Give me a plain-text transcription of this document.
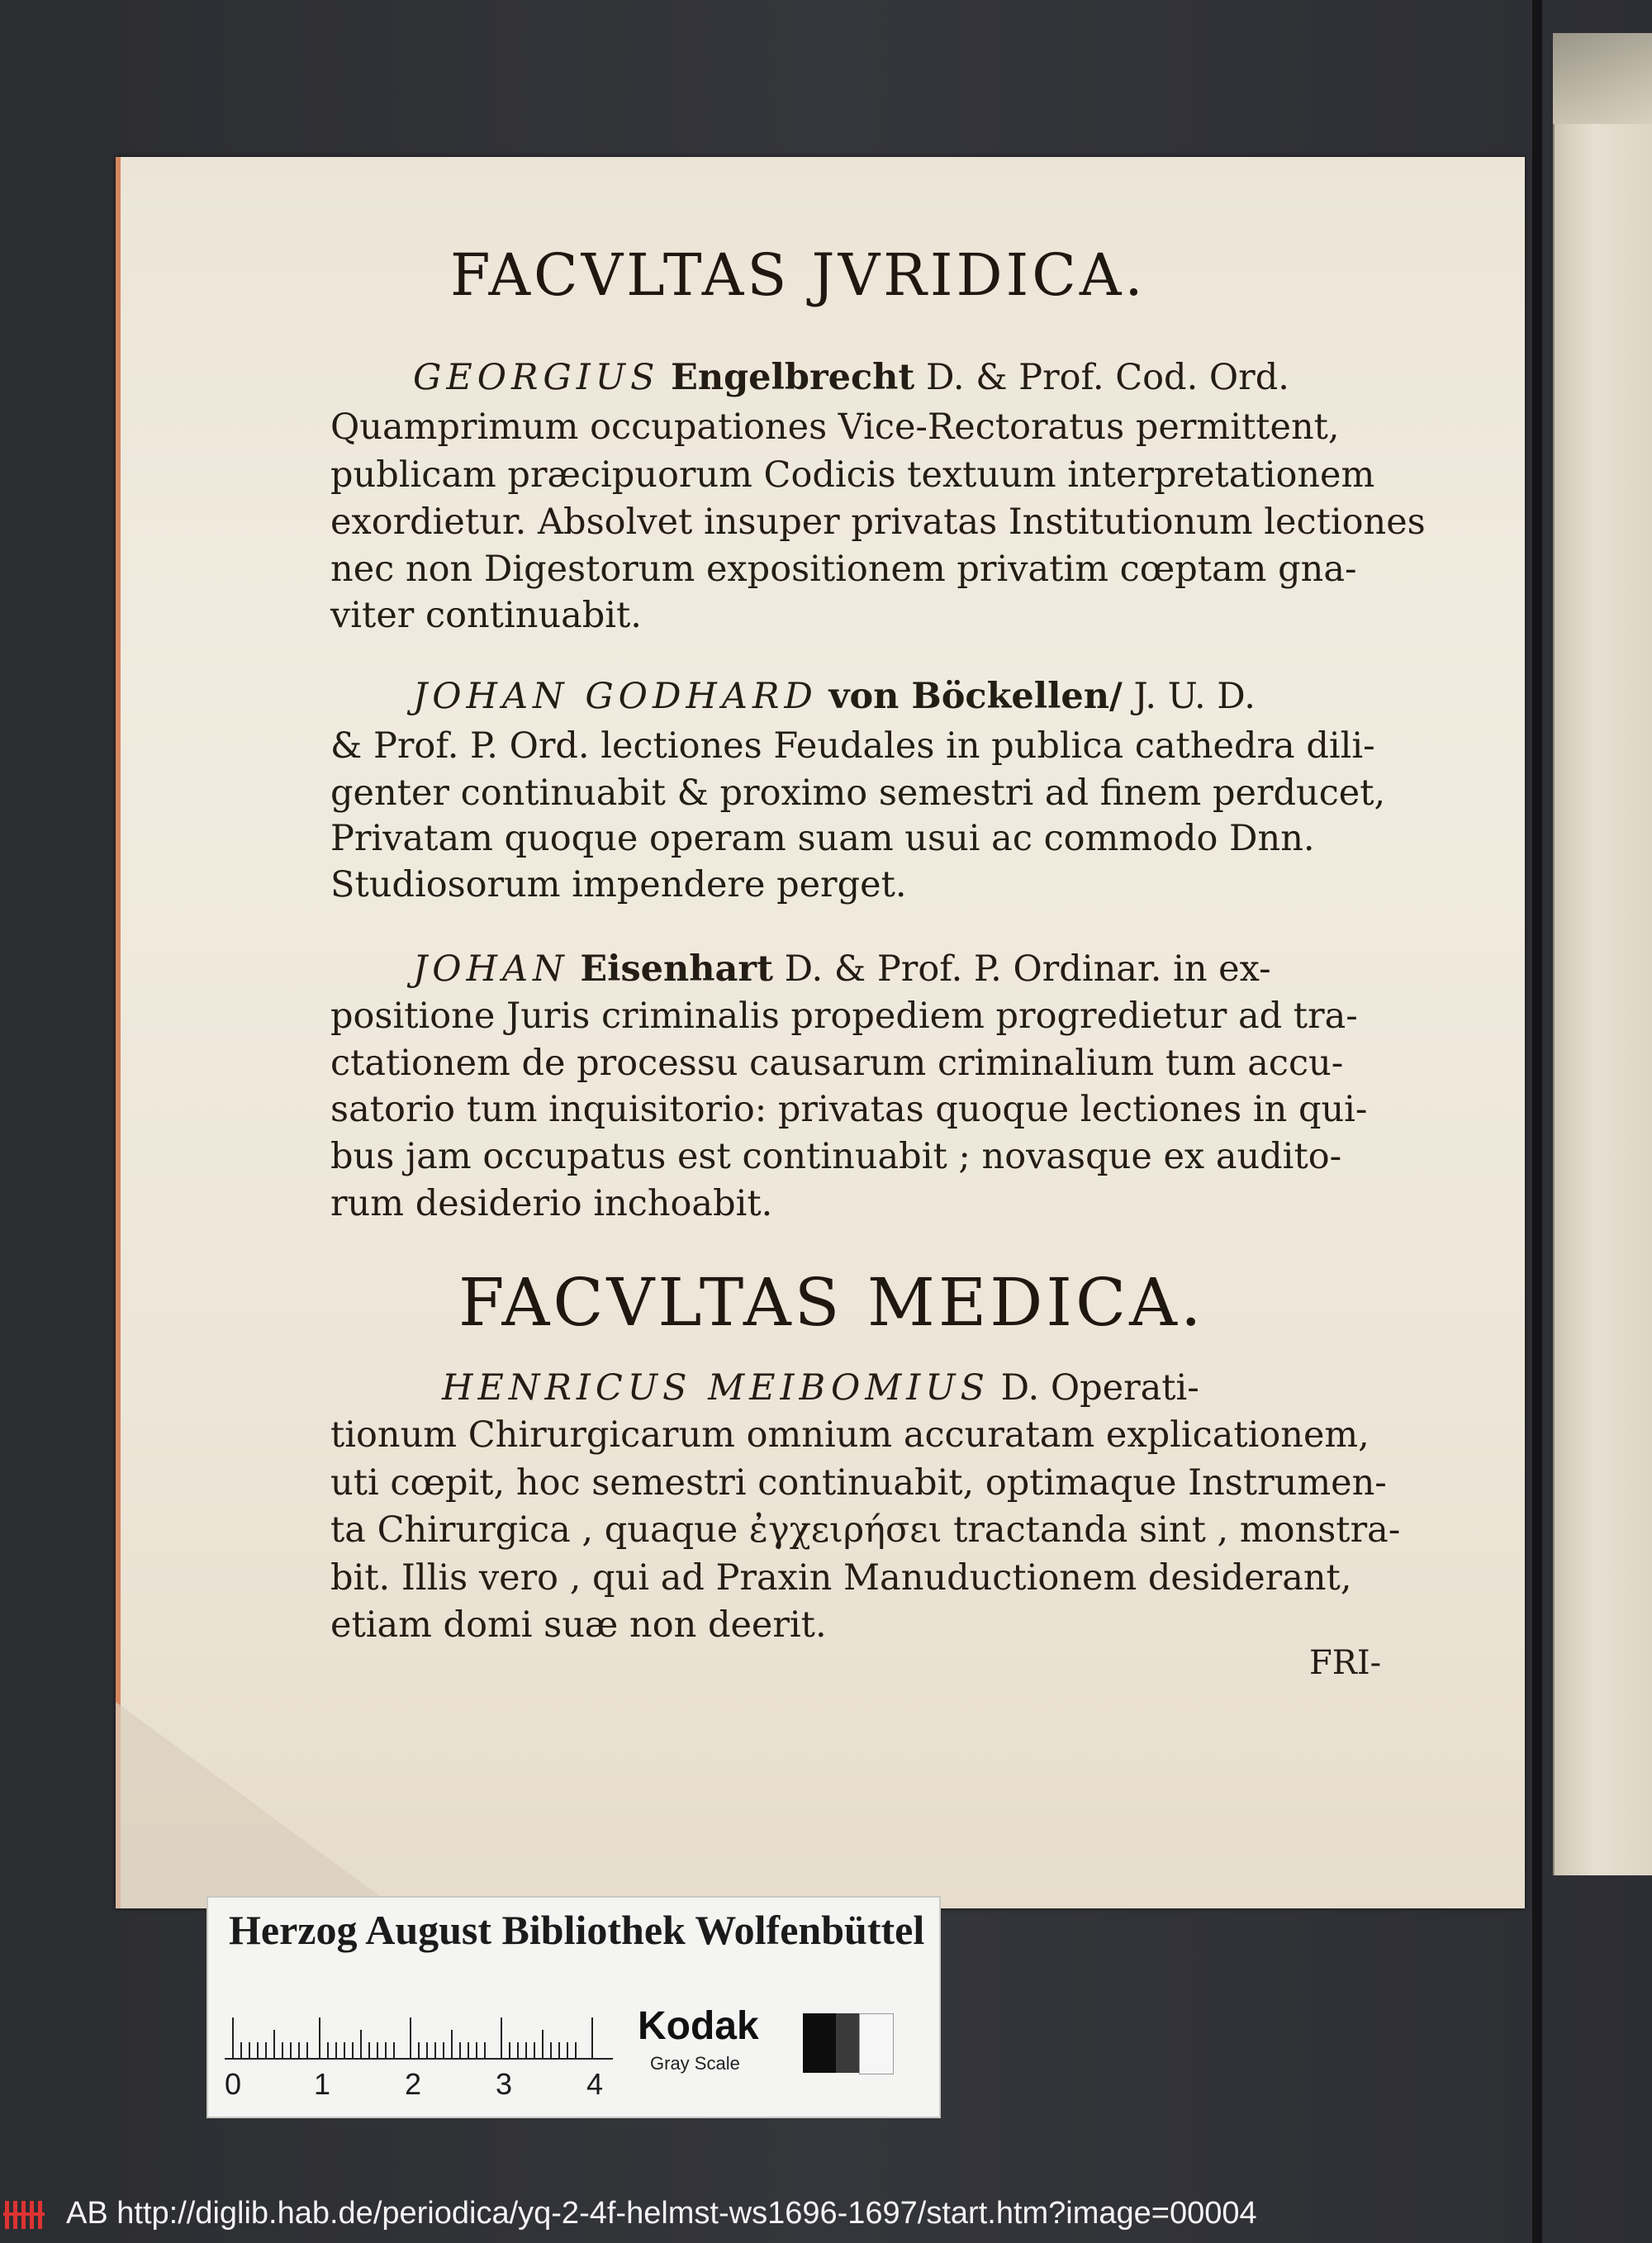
FACVLTAS JVRIDICA.
GEORGIUS Engelbrecht D. & Prof. Cod. Ord.
Quamprimum occupationes Vice-Rectoratus permittent,
publicam præcipuorum Codicis textuum interpretationem
exordietur. Absolvet insuper privatas Institutionum lectiones
nec non Digestorum expositionem privatim cœptam gna-
viter continuabit.
JOHAN GODHARD von Böckellen/ J. U. D.
& Prof. P. Ord. lectiones Feudales in publica cathedra dili-
genter continuabit & proximo semestri ad finem perducet,
Privatam quoque operam suam usui ac commodo Dnn.
Studiosorum impendere perget.
JOHAN Eisenhart D. & Prof. P. Ordinar. in ex-
positione Juris criminalis propediem progredietur ad tra-
ctationem de processu causarum criminalium tum accu-
satorio tum inquisitorio: privatas quoque lectiones in qui-
bus jam occupatus est continuabit ; novasque ex audito-
rum desiderio inchoabit.
FACVLTAS MEDICA.
HENRICUS MEIBOMIUS D. Operati-
tionum Chirurgicarum omnium accuratam explicationem,
uti cœpit, hoc semestri continuabit, optimaque Instrumen-
ta Chirurgica , quaque ἐγχειρήσει tractanda sint , monstra-
bit. Illis vero , qui ad Praxin Manuductionem desiderant,
etiam domi suæ non deerit.
FRI-
Herzog August Bibliothek Wolfenbüttel
0 1 2 3 4
Kodak
Gray Scale
AB http://diglib.hab.de/periodica/yq-2-4f-helmst-ws1696-1697/start.htm?image=00004
